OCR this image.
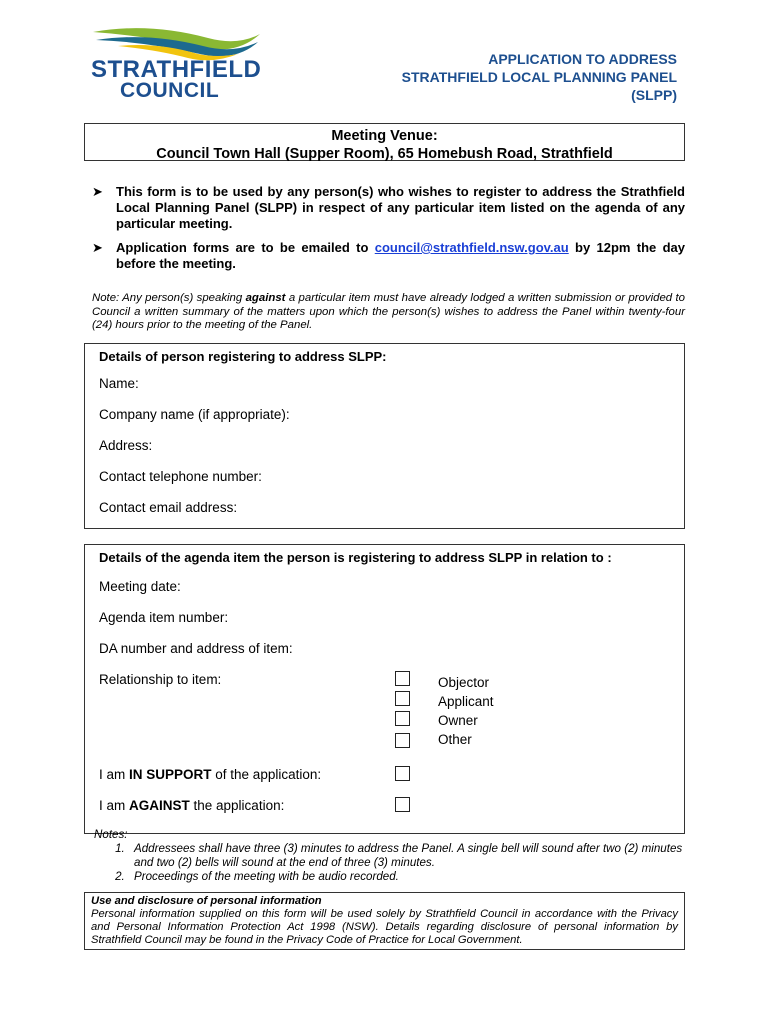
STRATHFIELD
COUNCIL
APPLICATION TO ADDRESS
STRATHFIELD LOCAL PLANNING PANEL
(SLPP)
Meeting Venue:
Council Town Hall (Supper Room), 65 Homebush Road, Strathfield
➤ This form is to be used by any person(s) who wishes to register to address the Strathfield Local Planning Panel (SLPP) in respect of any particular item listed on the agenda of any particular meeting.
➤ Application forms are to be emailed to council@strathfield.nsw.gov.au by 12pm the day before the meeting.
Note: Any person(s) speaking against a particular item must have already lodged a written submission or provided to Council a written summary of the matters upon which the person(s) wishes to address the Panel within twenty-four (24) hours prior to the meeting of the Panel.
Details of person registering to address SLPP:
Name:
Company name (if appropriate):
Address:
Contact telephone number:
Contact email address:
Details of the agenda item the person is registering to address SLPP in relation to :
Meeting date:
Agenda item number:
DA number and address of item:
Relationship to item:	Objector
Applicant
Owner
Other
I am IN SUPPORT of the application:
I am AGAINST the application:
Notes:
1. Addressees shall have three (3) minutes to address the Panel. A single bell will sound after two (2) minutes and two (2) bells will sound at the end of three (3) minutes.
2. Proceedings of the meeting with be audio recorded.
Use and disclosure of personal information
Personal information supplied on this form will be used solely by Strathfield Council in accordance with the Privacy and Personal Information Protection Act 1998 (NSW). Details regarding disclosure of personal information by Strathfield Council may be found in the Privacy Code of Practice for Local Government.
